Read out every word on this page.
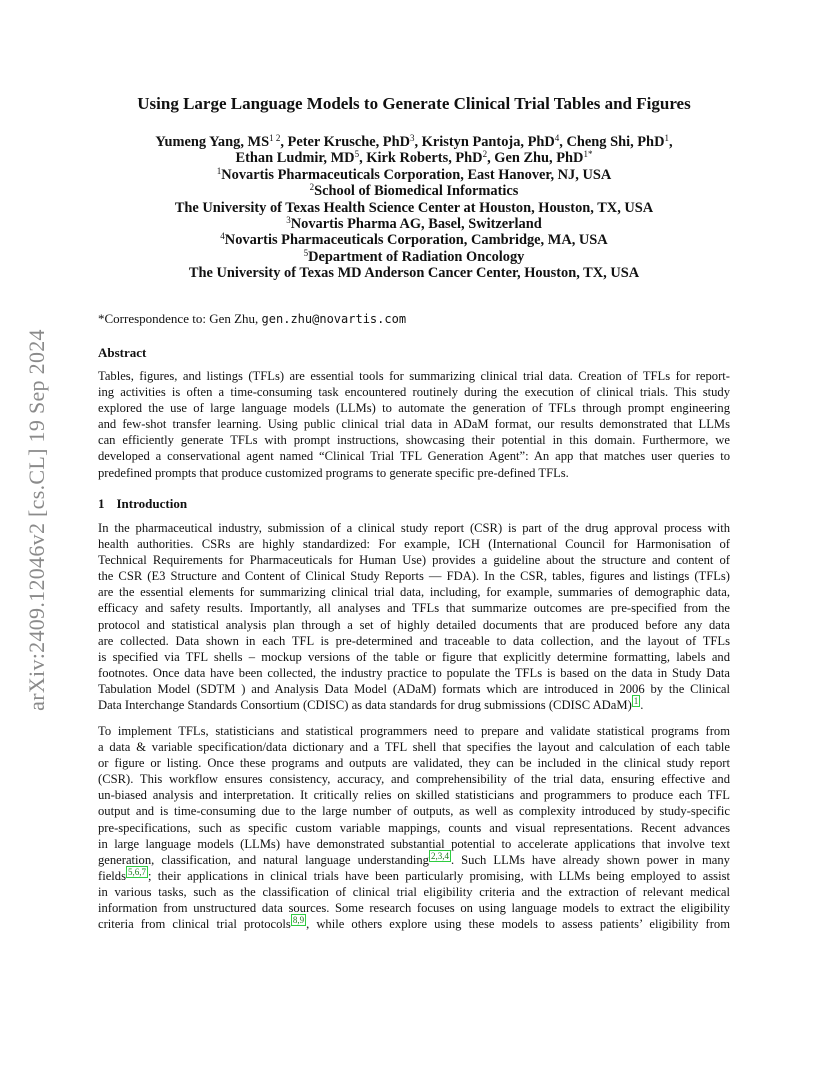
arXiv:2409.12046v2 [cs.CL] 19 Sep 2024
Using Large Language Models to Generate Clinical Trial Tables and Figures
Yumeng Yang, $MS^{1 2}$, Peter Krusche, PhD$^3$, Kristyn Pantoja, PhD$^4$, Cheng Shi, PhD$^1$,
Ethan Ludmir, $MD^5$, Kirk Roberts, PhD$^2$, Gen Zhu, PhD$^{1*}$
$^1$Novartis Pharmaceuticals Corporation, East Hanover, NJ, USA
$^2$School of Biomedical Informatics
The University of Texas Health Science Center at Houston, Houston, TX, USA
$^3$Novartis Pharma AG, Basel, Switzerland
$^4$Novartis Pharmaceuticals Corporation, Cambridge, MA, USA
$^5$Department of Radiation Oncology
The University of Texas MD Anderson Cancer Center, Houston, TX, USA
*Correspondence to: Gen Zhu, gen.zhu@novartis.com
Abstract
Tables, figures, and listings (TFLs) are essential tools for summarizing clinical trial data. Creation of TFLs for report-
ing activities is often a time-consuming task encountered routinely during the execution of clinical trials. This study
explored the use of large language models (LLMs) to automate the generation of TFLs through prompt engineering
and few-shot transfer learning. Using public clinical trial data in ADaM format, our results demonstrated that LLMs
can efficiently generate TFLs with prompt instructions, showcasing their potential in this domain. Furthermore, we
developed a conservational agent named “Clinical Trial TFL Generation Agent”: An app that matches user queries to
predefined prompts that produce customized programs to generate specific pre-defined TFLs.
1 Introduction
In the pharmaceutical industry, submission of a clinical study report (CSR) is part of the drug approval process with
health authorities. CSRs are highly standardized: For example, ICH (International Council for Harmonisation of
Technical Requirements for Pharmaceuticals for Human Use) provides a guideline about the structure and content of
the CSR (E3 Structure and Content of Clinical Study Reports — FDA). In the CSR, tables, figures and listings (TFLs)
are the essential elements for summarizing clinical trial data, including, for example, summaries of demographic data,
efficacy and safety results. Importantly, all analyses and TFLs that summarize outcomes are pre-specified from the
protocol and statistical analysis plan through a set of highly detailed documents that are produced before any data
are collected. Data shown in each TFL is pre-determined and traceable to data collection, and the layout of TFLs
is specified via TFL shells – mockup versions of the table or figure that explicitly determine formatting, labels and
footnotes. Once data have been collected, the industry practice to populate the TFLs is based on the data in Study Data
Tabulation Model (SDTM ) and Analysis Data Model (ADaM) formats which are introduced in 2006 by the Clinical
Data Interchange Standards Consortium (CDISC) as data standards for drug submissions (CDISC ADaM) $^1$ .
To implement TFLs, statisticians and statistical programmers need to prepare and validate statistical programs from
a data & variable specification/data dictionary and a TFL shell that specifies the layout and calculation of each table
or figure or listing. Once these programs and outputs are validated, they can be included in the clinical study report
(CSR). This workflow ensures consistency, accuracy, and comprehensibility of the trial data, ensuring effective and
un-biased analysis and interpretation. It critically relies on skilled statisticians and programmers to produce each TFL
output and is time-consuming due to the large number of outputs, as well as complexity introduced by study-specific
pre-specifications, such as specific custom variable mappings, counts and visual representations. Recent advances
in large language models (LLMs) have demonstrated substantial potential to accelerate applications that involve text
generation, classification, and natural language understanding $^{2,3,4}$ . Such LLMs have already shown power in many
fields $^{5,6,7}$ ; their applications in clinical trials have been particularly promising, with LLMs being employed to assist
in various tasks, such as the classification of clinical trial eligibility criteria and the extraction of relevant medical
information from unstructured data sources. Some research focuses on using language models to extract the eligibility
criteria from clinical trial protocols $^{8,9}$ , while others explore using these models to assess patients’ eligibility from
